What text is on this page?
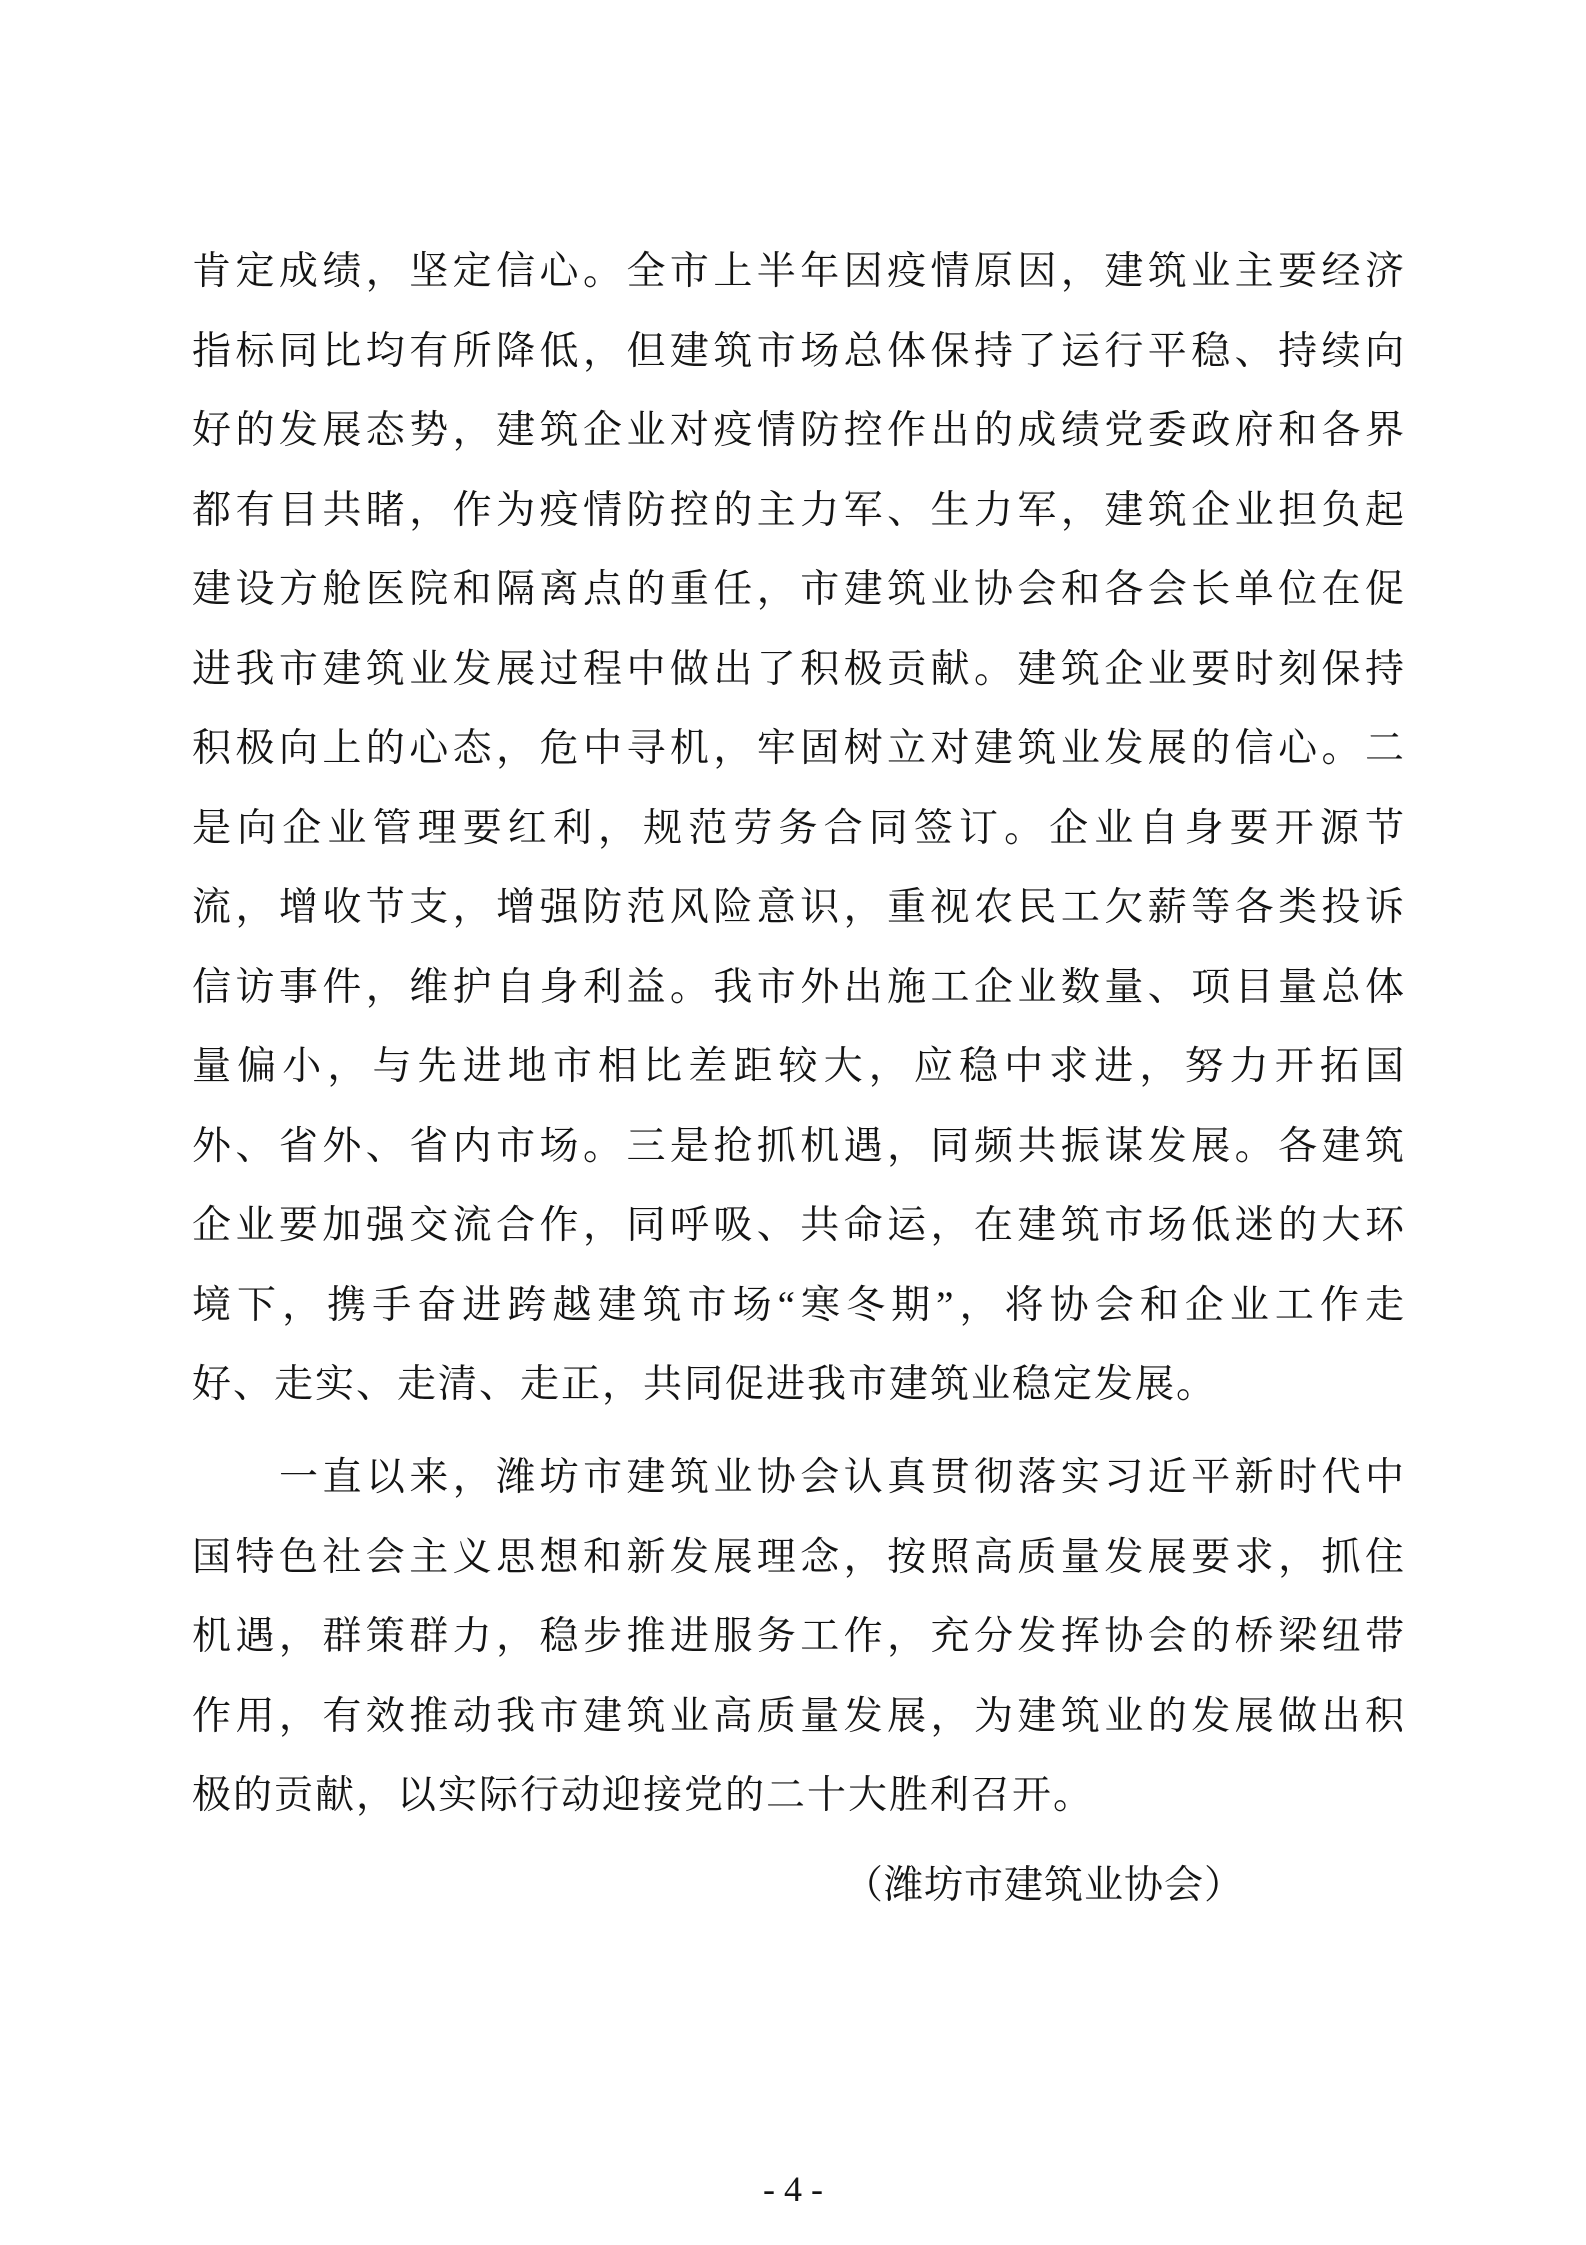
肯定成绩，坚定信心。全市上半年因疫情原因，建筑业主要经济
指标同比均有所降低，但建筑市场总体保持了运行平稳、持续向
好的发展态势，建筑企业对疫情防控作出的成绩党委政府和各界
都有目共睹，作为疫情防控的主力军、生力军，建筑企业担负起
建设方舱医院和隔离点的重任，市建筑业协会和各会长单位在促
进我市建筑业发展过程中做出了积极贡献。建筑企业要时刻保持
积极向上的心态，危中寻机，牢固树立对建筑业发展的信心。二
是向企业管理要红利，规范劳务合同签订。企业自身要开源节
流，增收节支，增强防范风险意识，重视农民工欠薪等各类投诉
信访事件，维护自身利益。我市外出施工企业数量、项目量总体
量偏小，与先进地市相比差距较大，应稳中求进，努力开拓国
外、省外、省内市场。三是抢抓机遇，同频共振谋发展。各建筑
企业要加强交流合作，同呼吸、共命运，在建筑市场低迷的大环
境下，携手奋进跨越建筑市场“寒冬期”，将协会和企业工作走
好、走实、走清、走正，共同促进我市建筑业稳定发展。
一直以来，潍坊市建筑业协会认真贯彻落实习近平新时代中
国特色社会主义思想和新发展理念，按照高质量发展要求，抓住
机遇，群策群力，稳步推进服务工作，充分发挥协会的桥梁纽带
作用，有效推动我市建筑业高质量发展，为建筑业的发展做出积
极的贡献，以实际行动迎接党的二十大胜利召开。
（潍坊市建筑业协会）
- 4 -
